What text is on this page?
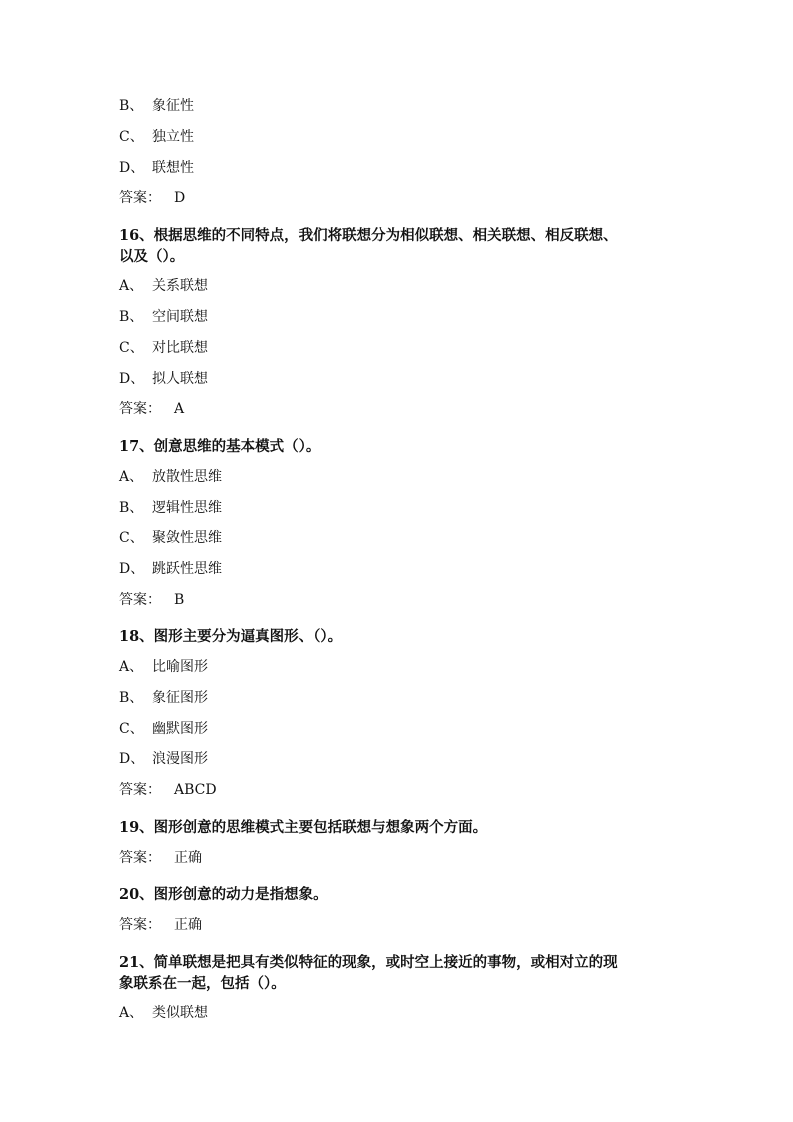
B、 象征性
C、 独立性
D、 联想性
答案： D
16、根据思维的不同特点，我们将联想分为相似联想、相关联想、相反联想、
以及（）。
A、 关系联想
B、 空间联想
C、 对比联想
D、 拟人联想
答案： A
17、创意思维的基本模式（）。
A、 放散性思维
B、 逻辑性思维
C、 聚敛性思维
D、 跳跃性思维
答案： B
18、图形主要分为逼真图形、（）。
A、 比喻图形
B、 象征图形
C、 幽默图形
D、 浪漫图形
答案： ABCD
19、图形创意的思维模式主要包括联想与想象两个方面。
答案： 正确
20、图形创意的动力是指想象。
答案： 正确
21、简单联想是把具有类似特征的现象，或时空上接近的事物，或相对立的现
象联系在一起，包括（）。
A、 类似联想
